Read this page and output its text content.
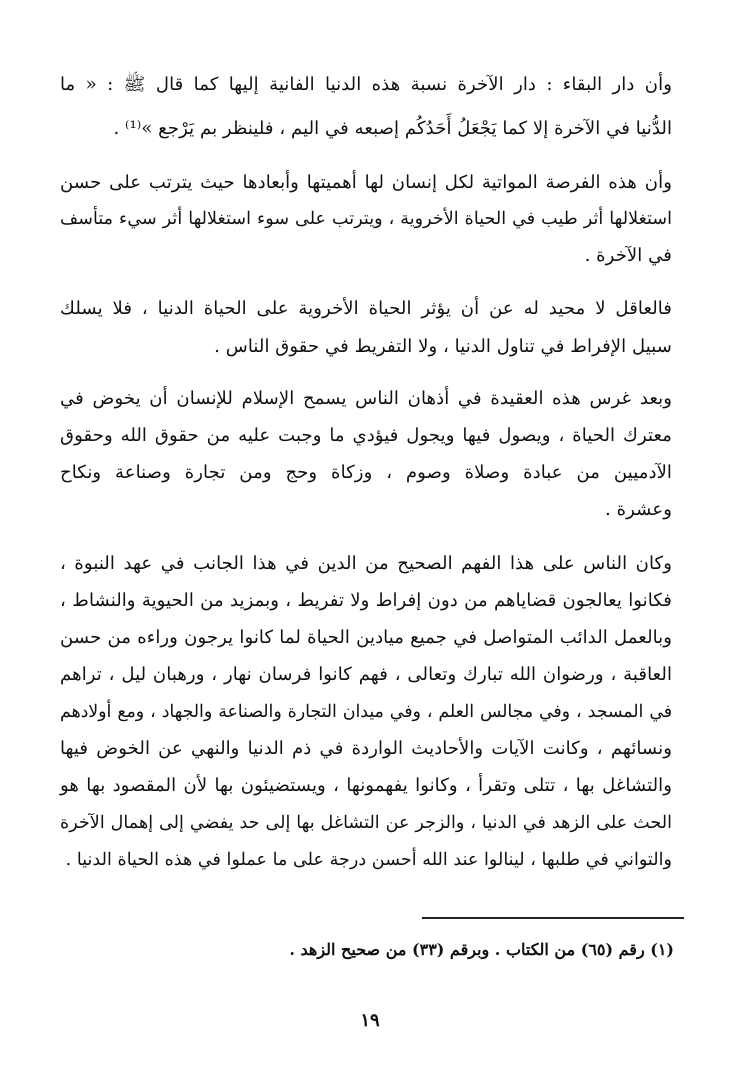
وأن دار البقاء : دار الآخرة نسبة هذه الدنيا الفانية إليها كما قال ﷺ : « ما
الدُّنيا في الآخرة إلا كما يَجْعَلُ أَحَدُكُم إصبعه في اليم ، فلينظر بم يَرْجع »⁽¹⁾ .
وأن هذه الفرصة المواتية لكل إنسان لها أهميتها وأبعادها حيث يترتب على حسن
استغلالها أثر طيب في الحياة الأخروية ، ويترتب على سوء استغلالها أثر سيء متأسف
في الآخرة .
فالعاقل لا محيد له عن أن يؤثر الحياة الأخروية على الحياة الدنيا ، فلا يسلك
سبيل الإفراط في تناول الدنيا ، ولا التفريط في حقوق الناس .
وبعد غرس هذه العقيدة في أذهان الناس يسمح الإسلام للإنسان أن يخوض في
معترك الحياة ، ويصول فيها ويجول فيؤدي ما وجبت عليه من حقوق الله وحقوق
الآدميين من عبادة وصلاة وصوم ، وزكاة وحج ومن تجارة وصناعة ونكاح
وعشرة .
وكان الناس على هذا الفهم الصحيح من الدين في هذا الجانب في عهد النبوة ،
فكانوا يعالجون قضاياهم من دون إفراط ولا تفريط ، وبمزيد من الحيوية والنشاط ،
وبالعمل الدائب المتواصل في جميع ميادين الحياة لما كانوا يرجون وراءه من حسن
العاقبة ، ورضوان الله تبارك وتعالى ، فهم كانوا فرسان نهار ، ورهبان ليل ، تراهم
في المسجد ، وفي مجالس العلم ، وفي ميدان التجارة والصناعة والجهاد ، ومع أولادهم
ونسائهم ، وكانت الآيات والأحاديث الواردة في ذم الدنيا والنهي عن الخوض فيها
والتشاغل بها ، تتلى وتقرأ ، وكانوا يفهمونها ، ويستضيئون بها لأن المقصود بها هو
الحث على الزهد في الدنيا ، والزجر عن التشاغل بها إلى حد يفضي إلى إهمال الآخرة
والتواني في طلبها ، لينالوا عند الله أحسن درجة على ما عملوا في هذه الحياة الدنيا .
(١) رقم (٦٥) من الكتاب . وبرقم (٣٣) من صحيح الزهد .
١٩
